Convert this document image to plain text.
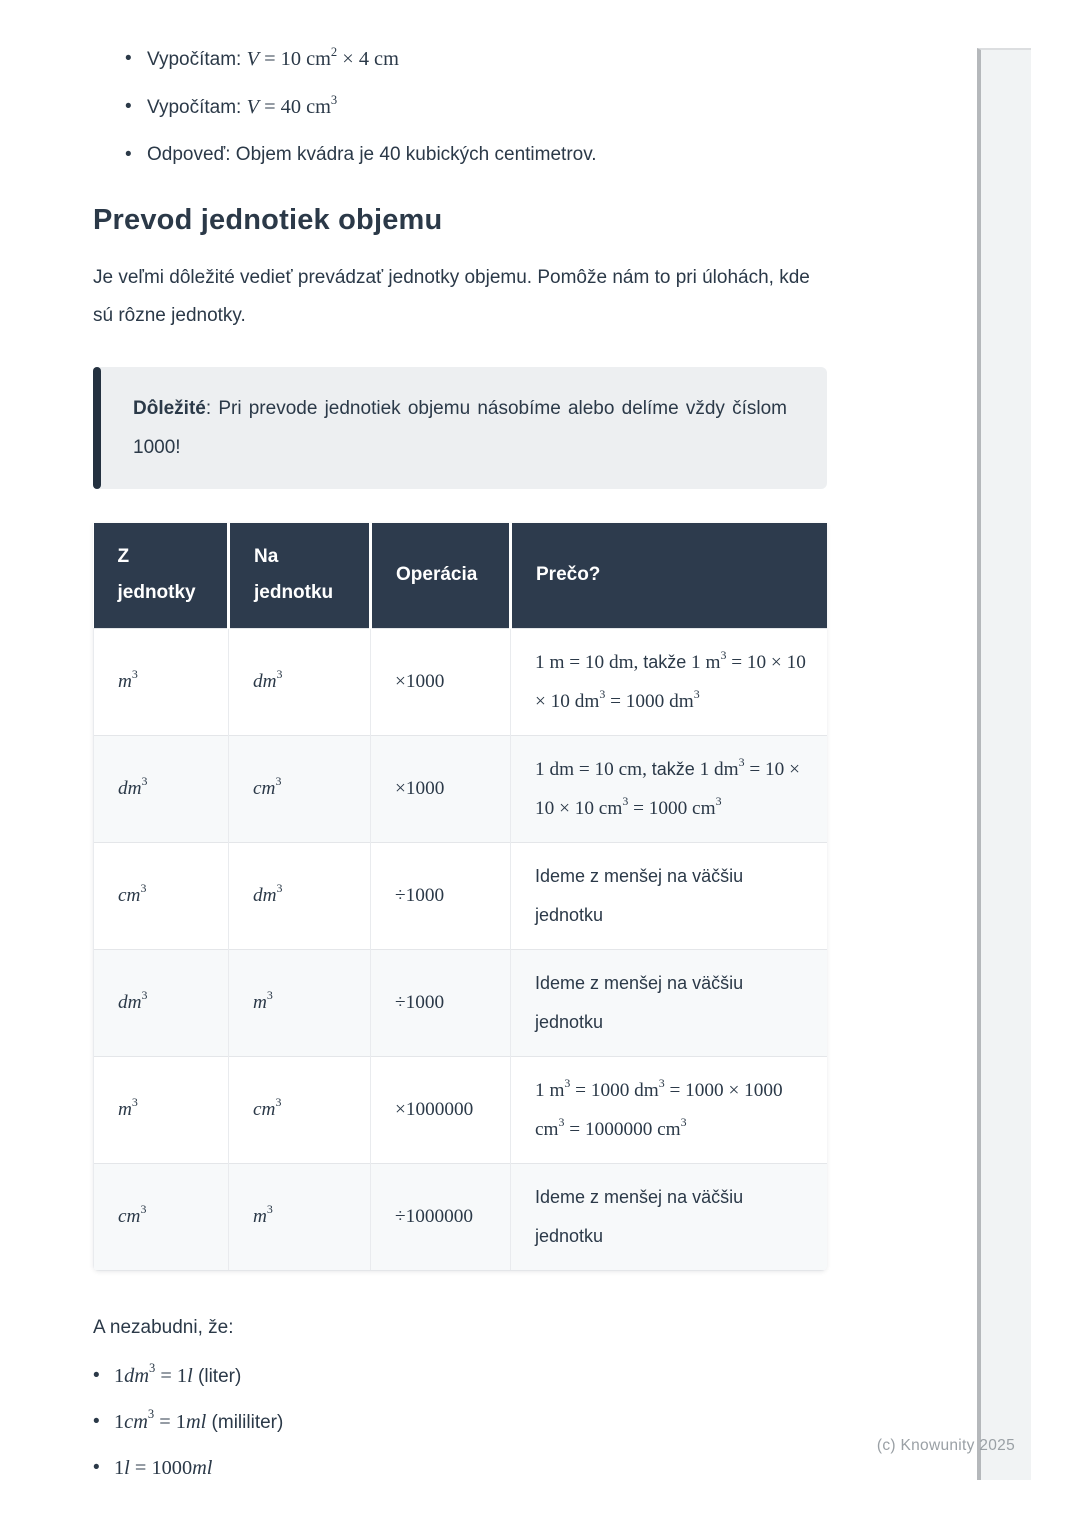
• Vypočítam: V = 10 $cm^2 \times 4$ cm
• Vypočítam: V = 40 $cm^3$
• Odpoveď: Objem kvádra je 40 kubických centimetrov.
Prevod jednotiek objemu

Je veľmi dôležité vedieť prevádzať jednotky objemu. Pomôže nám to pri úlohách, kde sú rôzne jednotky.

Dôležité: Pri prevode jednotiek objemu násobíme alebo delíme vždy číslom 1000!

Z jednotky	Na jednotku	Operácia	Prečo?
$m^3$	$dm^3$	×1000	1 m = 10 dm, takže 1 $m^3 = 10 \times 10 \times 10$ $dm^3 = 1000$ $dm^3$
$dm^3$	$cm^3$	×1000	1 dm = 10 cm, takže 1 $dm^3 = 10 \times 10 \times 10$ $cm^3 = 1000$ $cm^3$
$cm^3$	$dm^3$	÷1000	Ideme z menšej na väčšiu jednotku
$dm^3$	$m^3$	÷1000	Ideme z menšej na väčšiu jednotku
$m^3$	$cm^3$	×1000000	1 $m^3 = 1000$ $dm^3 = 1000 \times 1000$ $cm^3 = 1000000$ $cm^3$
$cm^3$	$m^3$	÷1000000	Ideme z menšej na väčšiu jednotku

A nezabudni, že:

• $1dm^3 = 1l$ (liter)
• $1cm^3 = 1ml$ (mililiter)
• 1l = 1000ml
(c) Knowunity 2025
